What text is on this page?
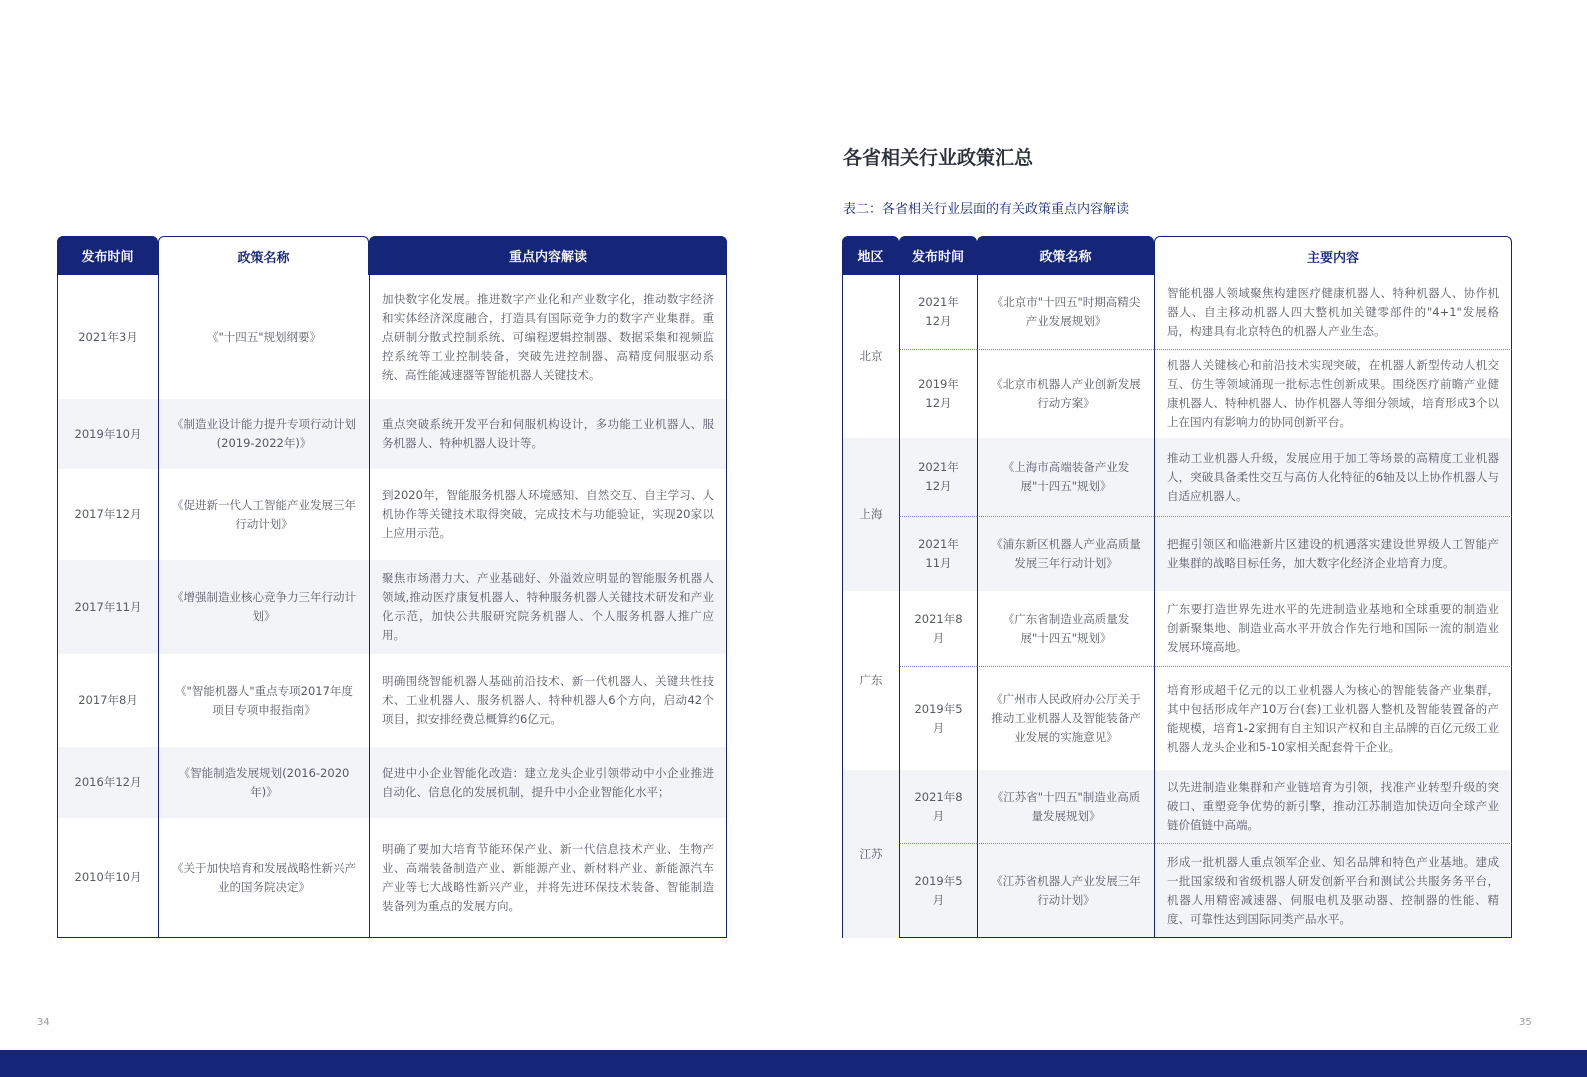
发布时间	政策名称	重点内容解读
2021年3月	《"十四五"规划纲要》	加快数字化发展。推进数字产业化和产业数字化，推动数字经济和实体经济深度融合，打造具有国际竞争力的数字产业集群。重点研制分散式控制系统、可编程逻辑控制器、数据采集和视频监控系统等工业控制装备，突破先进控制器、高精度伺服驱动系统、高性能减速器等智能机器人关键技术。
2019年10月	《制造业设计能力提升专项行动计划(2019-2022年)》	重点突破系统开发平台和伺服机构设计，多功能工业机器人、服务机器人、特种机器人设计等。
2017年12月	《促进新一代人工智能产业发展三年行动计划》	到2020年，智能服务机器人环境感知、自然交互、自主学习、人机协作等关键技术取得突破，完成技术与功能验证，实现20家以上应用示范。
2017年11月	《增强制造业核心竞争力三年行动计划》	聚焦市场潜力大、产业基础好、外溢效应明显的智能服务机器人领域,推动医疗康复机器人、特种服务机器人关键技术研发和产业化示范，加快公共服研究院务机器人、个人服务机器人推广应用。
2017年8月	《"智能机器人"重点专项2017年度项目专项申报指南》	明确围绕智能机器人基础前沿技术、新一代机器人、关键共性技术、工业机器人、服务机器人、特种机器人6个方向，启动42个项目，拟安排经费总概算约6亿元。
2016年12月	《智能制造发展规划(2016-2020年)》	促进中小企业智能化改造：建立龙头企业引领带动中小企业推进自动化、信息化的发展机制，提升中小企业智能化水平；
2010年10月	《关于加快培育和发展战略性新兴产业的国务院决定》	明确了要加大培育节能环保产业、新一代信息技术产业、生物产业、高端装备制造产业、新能源产业、新材料产业、新能源汽车产业等七大战略性新兴产业，并将先进环保技术装备、智能制造装备列为重点的发展方向。
各省相关行业政策汇总
表二：各省相关行业层面的有关政策重点内容解读
地区	发布时间	政策名称	主要内容
北京	2021年12月	《北京市"十四五"时期高精尖产业发展规划》	智能机器人领域聚焦构建医疗健康机器人、特种机器人、协作机器人、自主移动机器人四大整机加关键零部件的"4+1"发展格局，构建具有北京特色的机器人产业生态。
	2019年12月	《北京市机器人产业创新发展行动方案》	机器人关键核心和前沿技术实现突破，在机器人新型传动人机交互、仿生等领域涌现一批标志性创新成果。围绕医疗前瞻产业健康机器人、特种机器人、协作机器人等细分领域，培育形成3个以上在国内有影响力的协同创新平台。
上海	2021年12月	《上海市高端装备产业发展"十四五"规划》	推动工业机器人升级，发展应用于加工等场景的高精度工业机器人，突破具备柔性交互与高仿人化特征的6轴及以上协作机器人与自适应机器人。
	2021年11月	《浦东新区机器人产业高质量发展三年行动计划》	把握引领区和临港新片区建设的机遇落实建设世界级人工智能产业集群的战略目标任务，加大数字化经济企业培育力度。
广东	2021年8月	《广东省制造业高质量发展"十四五"规划》	广东要打造世界先进水平的先进制造业基地和全球重要的制造业创新聚集地、制造业高水平开放合作先行地和国际一流的制造业发展环境高地。
	2019年5月	《广州市人民政府办公厅关于推动工业机器人及智能装备产业发展的实施意见》	培育形成超千亿元的以工业机器人为核心的智能装备产业集群，其中包括形成年产10万台(套)工业机器人整机及智能装置备的产能规模，培育1-2家拥有自主知识产权和自主品牌的百亿元级工业机器人龙头企业和5-10家相关配套骨干企业。
江苏	2021年8月	《江苏省"十四五"制造业高质量发展规划》	以先进制造业集群和产业链培育为引领，找准产业转型升级的突破口、重塑竞争优势的新引擎，推动江苏制造加快迈向全球产业链价值链中高端。
	2019年5月	《江苏省机器人产业发展三年行动计划》	形成一批机器人重点领军企业、知名品牌和特色产业基地。建成一批国家级和省级机器人研发创新平台和测试公共服务务平台，机器人用精密减速器、伺服电机及驱动器、控制器的性能、精度、可靠性达到国际同类产品水平。
34	35
